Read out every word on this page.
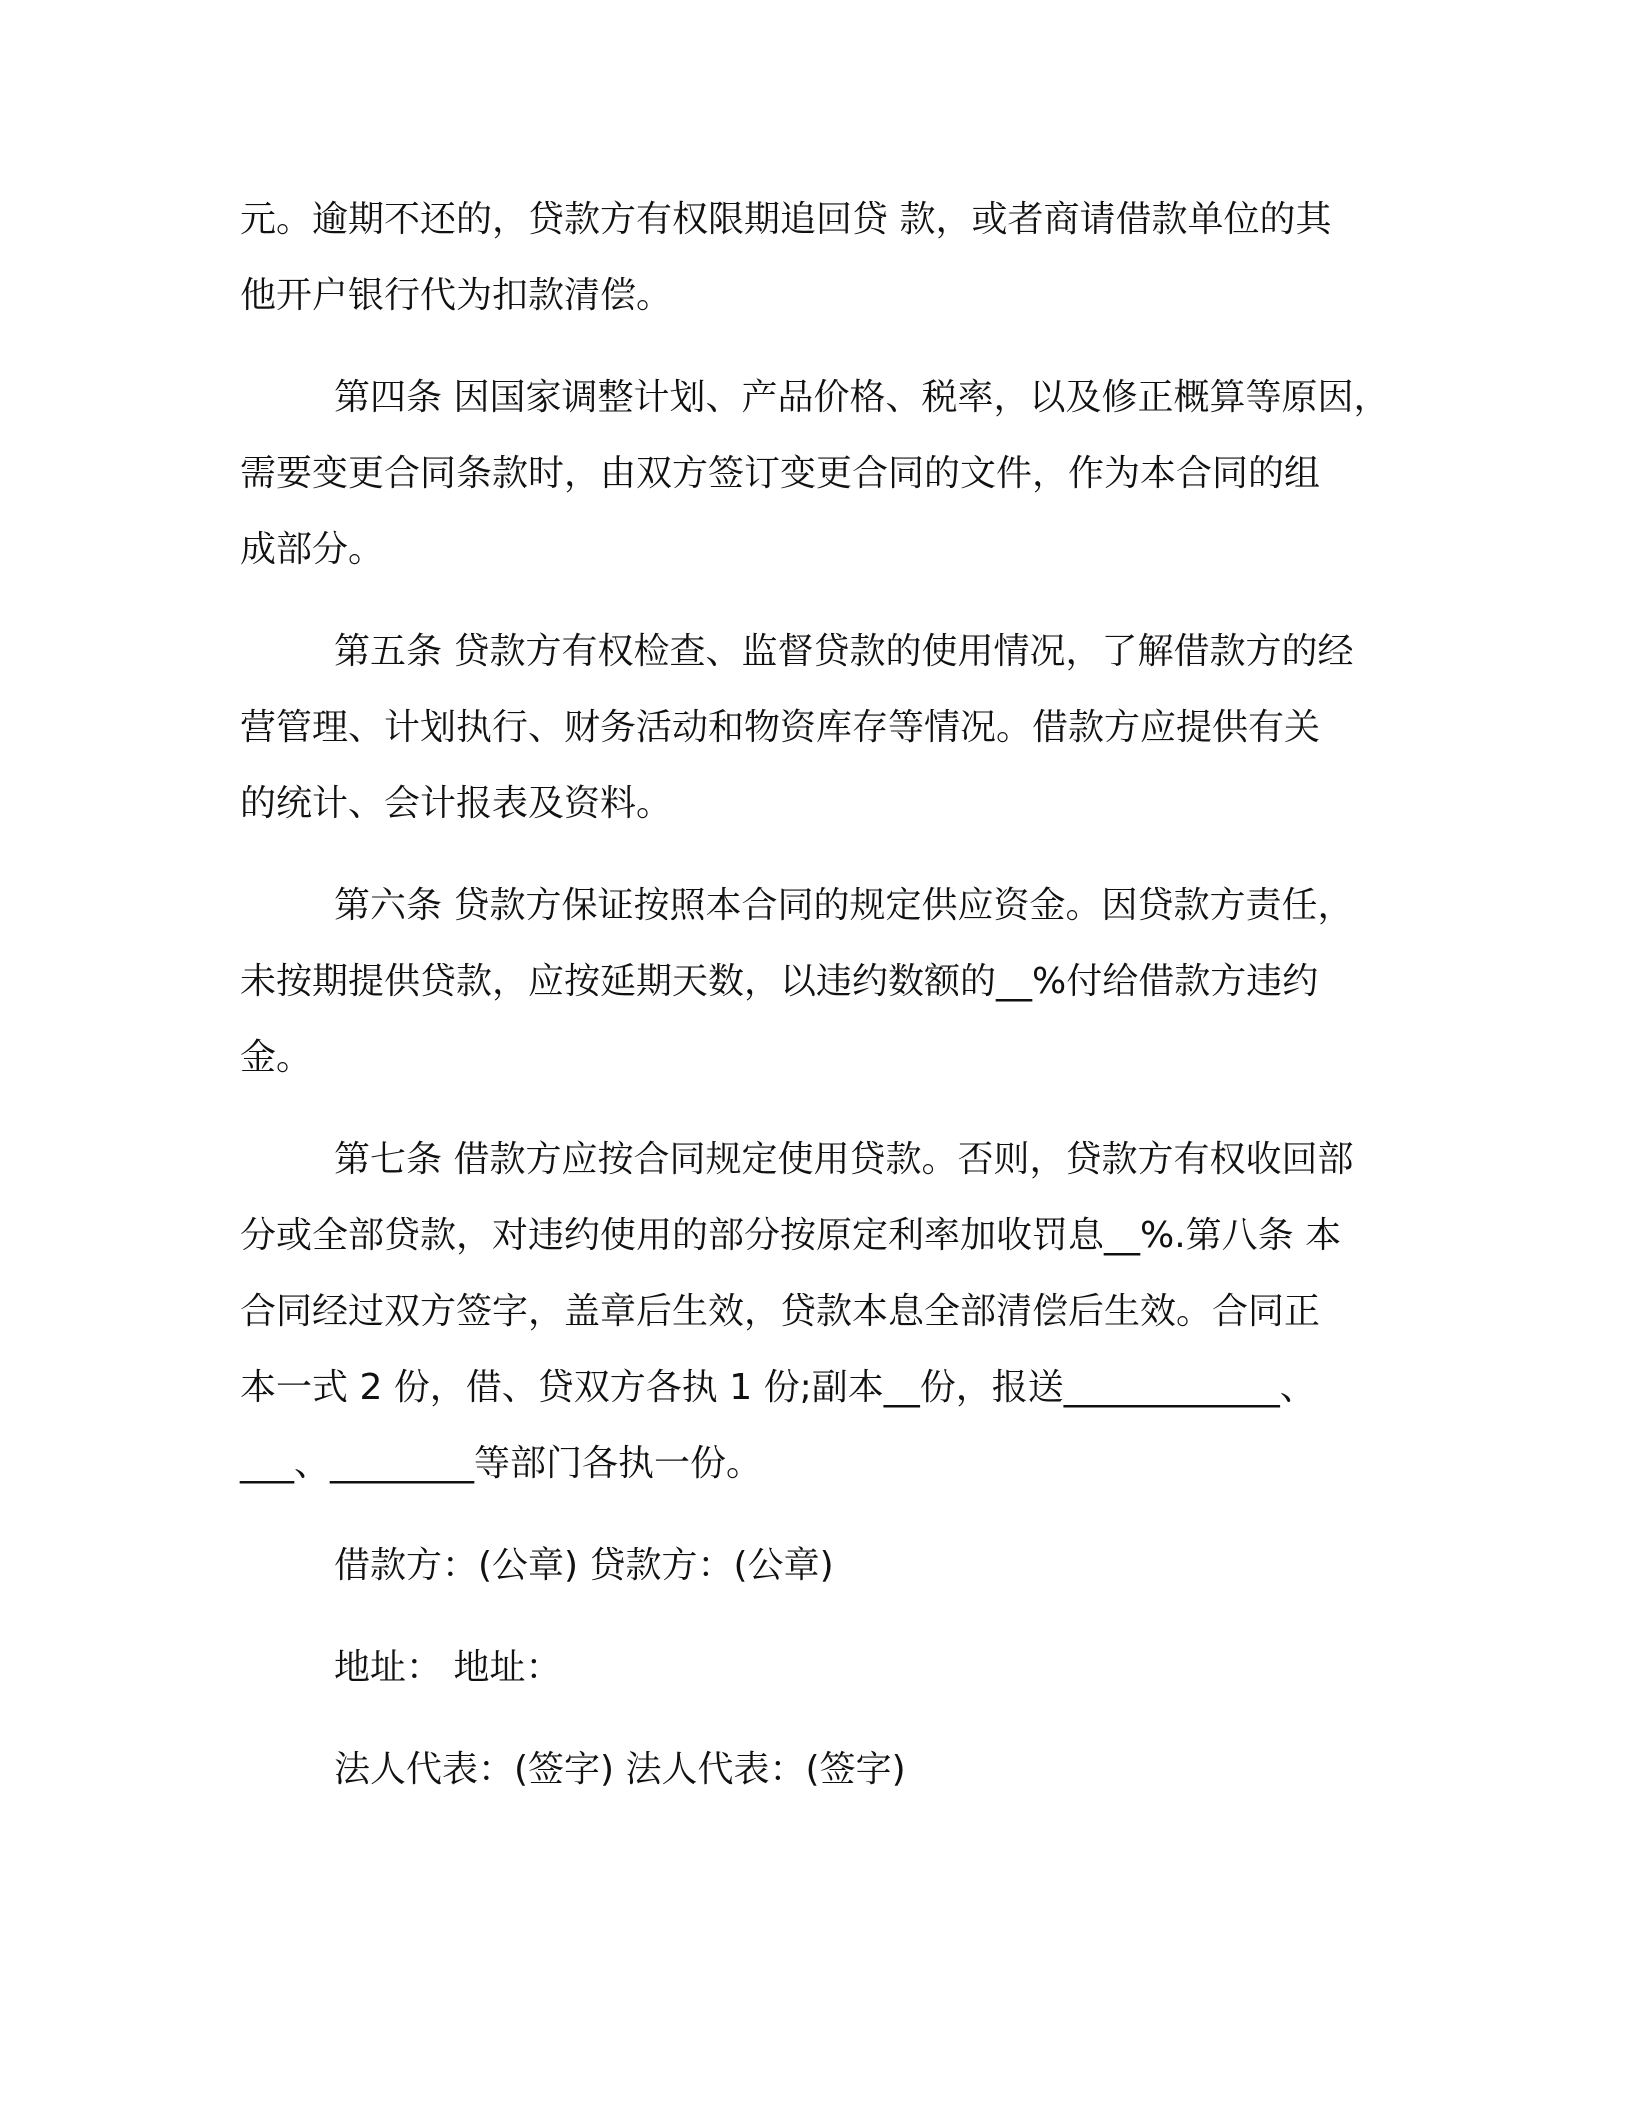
元。逾期不还的，贷款方有权限期追回贷 款，或者商请借款单位的其
他开户银行代为扣款清偿。
第四条 因国家调整计划、产品价格、税率，以及修正概算等原因，
需要变更合同条款时，由双方签订变更合同的文件，作为本合同的组
成部分。
第五条 贷款方有权检查、监督贷款的使用情况，了解借款方的经
营管理、计划执行、财务活动和物资库存等情况。借款方应提供有关
的统计、会计报表及资料。
第六条 贷款方保证按照本合同的规定供应资金。因贷款方责任，
未按期提供贷款，应按延期天数，以违约数额的__%付给借款方违约
金。
第七条 借款方应按合同规定使用贷款。否则，贷款方有权收回部
分或全部贷款，对违约使用的部分按原定利率加收罚息__%.第八条 本
合同经过双方签字，盖章后生效，贷款本息全部清偿后生效。合同正
本一式 2 份，借、贷双方各执 1 份;副本__份，报送____________、
___、________等部门各执一份。
借款方：(公章) 贷款方：(公章)
地址： 地址：
法人代表：(签字) 法人代表：(签字)
